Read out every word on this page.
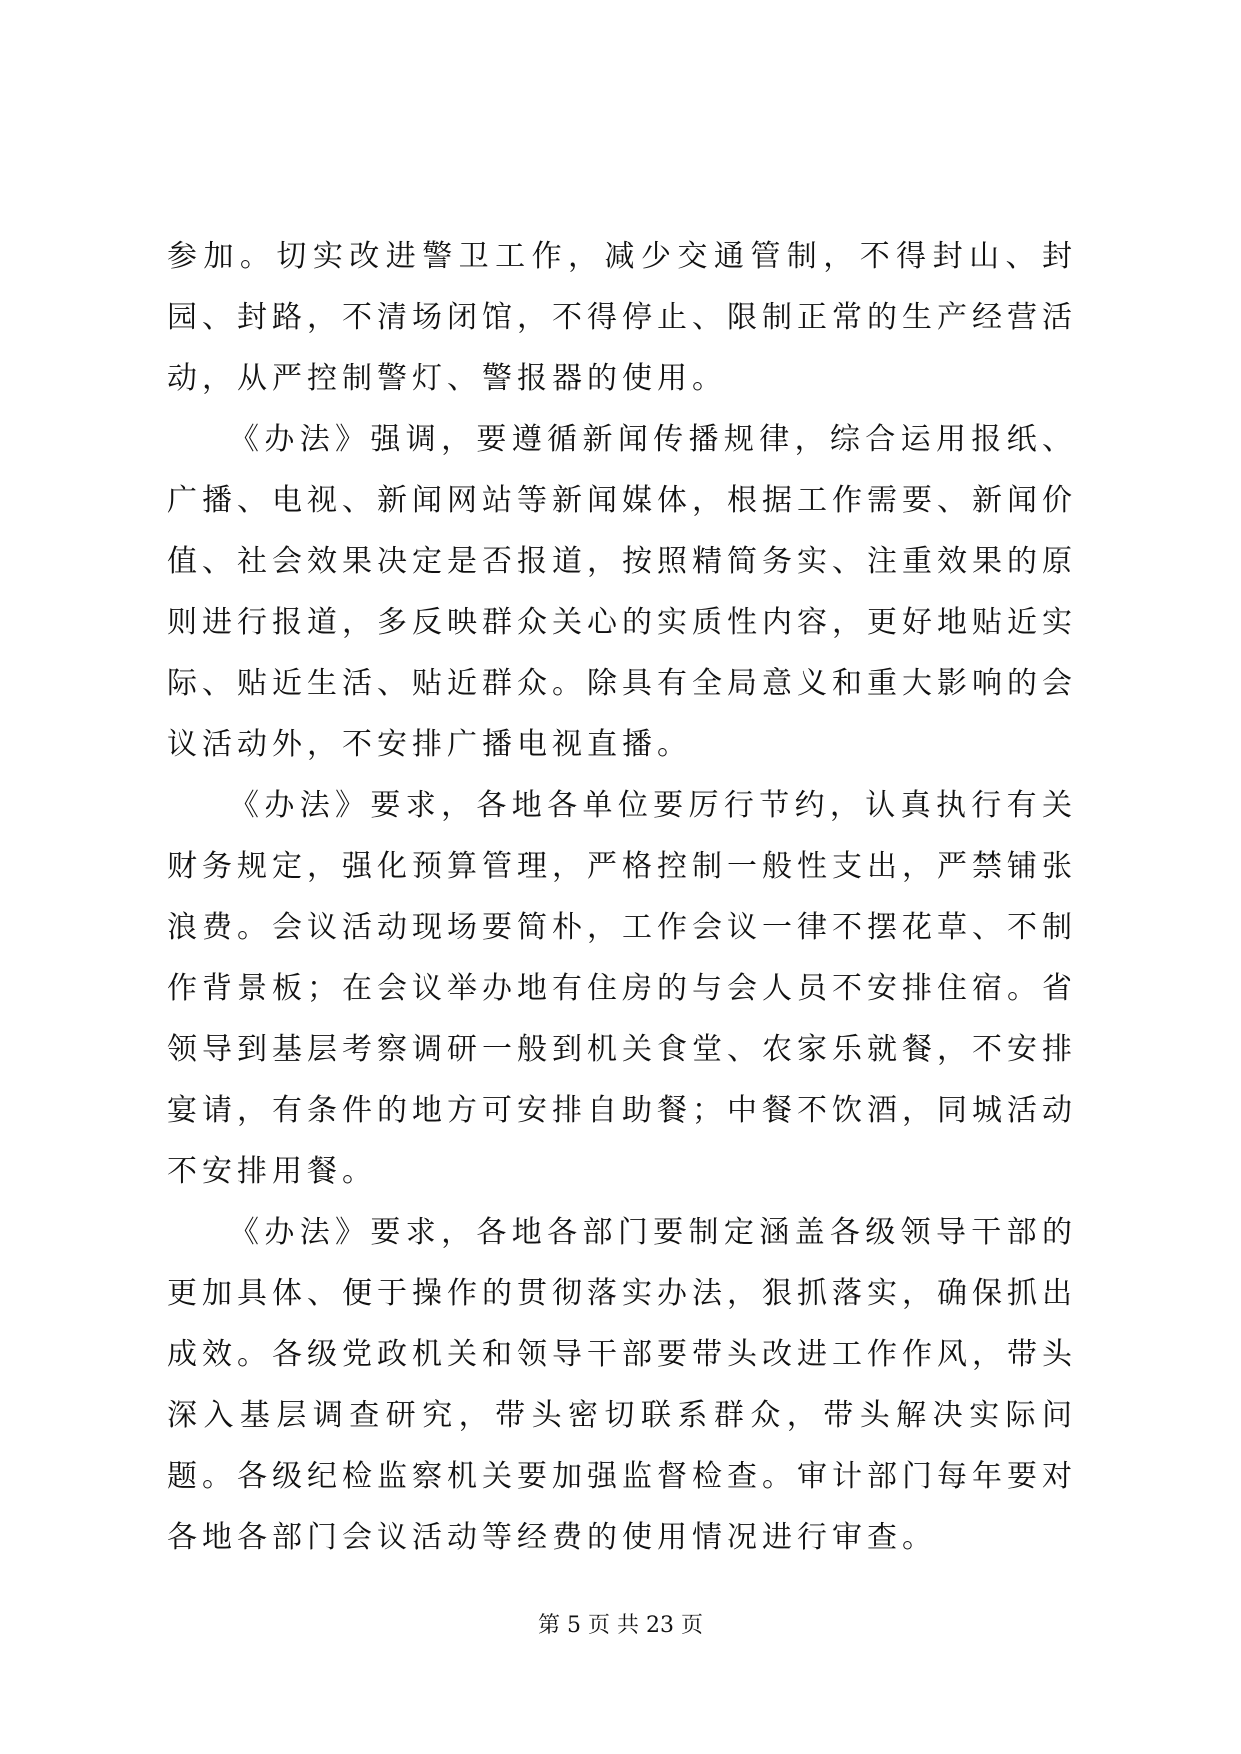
参加。切实改进警卫工作，减少交通管制，不得封山、封园、封路，不清场闭馆，不得停止、限制正常的生产经营活动，从严控制警灯、警报器的使用。

《办法》强调，要遵循新闻传播规律，综合运用报纸、广播、电视、新闻网站等新闻媒体，根据工作需要、新闻价值、社会效果决定是否报道，按照精简务实、注重效果的原则进行报道，多反映群众关心的实质性内容，更好地贴近实际、贴近生活、贴近群众。除具有全局意义和重大影响的会议活动外，不安排广播电视直播。

《办法》要求，各地各单位要厉行节约，认真执行有关财务规定，强化预算管理，严格控制一般性支出，严禁铺张浪费。会议活动现场要简朴，工作会议一律不摆花草、不制作背景板；在会议举办地有住房的与会人员不安排住宿。省领导到基层考察调研一般到机关食堂、农家乐就餐，不安排宴请，有条件的地方可安排自助餐；中餐不饮酒，同城活动不安排用餐。

《办法》要求，各地各部门要制定涵盖各级领导干部的更加具体、便于操作的贯彻落实办法，狠抓落实，确保抓出成效。各级党政机关和领导干部要带头改进工作作风，带头深入基层调查研究，带头密切联系群众，带头解决实际问题。各级纪检监察机关要加强监督检查。审计部门每年要对各地各部门会议活动等经费的使用情况进行审查。

第 5 页 共 23 页
